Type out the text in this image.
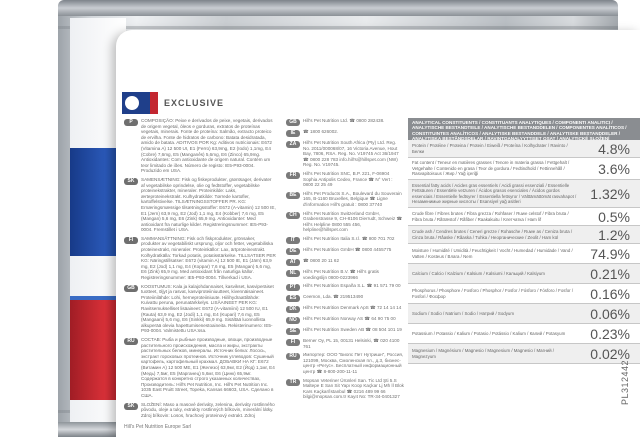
EXCLUSIVE
P	COMPOSIÇÃO: Peixe e derivados de peixe, vegetais, derivados de origem vegetal, óleos e gorduras, extratos de proteínas vegetais, minerais. Fonte de proteína: Salmão, extracto proteico de ervilha. Fonte de hidratos de carbono: Batata desidratada, amido de batata. ADITIVOS POR Kg: Aditivos nutricionais: E672 (Vitamina A) 12 500 UI, E1 (Ferro) 63,9mg, E2 (Iodo) 1,1mg, E4 (Cobre) 7,6mg, E5 (Manganês) 5,6mg, E6 (Zinco) 65,9mg. Antioxidantes: Com antioxidante de origem natural. Contém um teor limitado de iões. Número de registo: IE5-P93-0004. Produzido em USA.
SK	SAMENSÆTNING: Fisk og fiskeprodukter, grøntsager, derivater af vegetabilske oprindelse, olie og fedtstoffer, vegetabilske proteinekstrakter, mineraler. Proteinkilde: Laks, ærteproteinekstrakt. Kulhydratkilde: Tørrede kartofler, kartoffelstivelse. TILSÆTNINGSSTOFFER PR. KG: Ernæringsmæssige tilsætningsstoffer: E672 (A-vitamin) 12 500 IE, E1 (Jern) 63,9 mg, E2 (Jod) 1,1 mg, E4 (Kobber) 7,6 mg, E5 (Mangan) 5,6 mg, E6 (Zink) 65,9 mg. Antioxidanter: Med antioxidant fra naturlige kilder. Registreringsnummer: IE5-P93-0004. Fremstillet i USA.
FI	SAMMANSÄTTNING: Fisk och fiskprodukter, grönsaker, produkter av vegetabiliskt ursprung, oljor och fetter, vegetabiliska proteinextrakt, mineraler. Proteinkällor: Lax, ärtproteinextrakt. Kolhydratkälla: Torkad potatis, potatisstärkelse. TILLSATSER PER KG: Näringstillsatser: E672 (vitamin A) 12 500 IE, E1 (Järn) 63,9 mg, E2 (Jod) 1,1 mg, E4 (Koppar) 7,6 mg, E5 (Mangan) 5,6 mg, E6 (Zink) 65,9 mg. Med antioxidant från naturliga källor. Registreringsnummer: IE5-P93-0004. Tillverkad i USA.
GB	KOOSTUMUS: Kala ja kalajohdannaiset, kasvikset, kasviperäiset tuotteet, öljyt ja rasvat, kasviproteiiniuutteet, kivennäisaineet. Proteiinilähde: Lohi, herneproteiiniuute. Hiilihydraattilähde: Kuivattu peruna, perunatärkkelys. LISÄAINEET PER KG: Ravitsemukselliset lisäaineet: E672 (A-vitamiini) 12 500 IU, E1 (Rauta) 63,9 mg, E2 (Jodi) 1,1 mg, E4 (Kupari) 7,6 mg, E5 (Mangaani) 5,6 mg, E6 (Sinkki) 65,9 mg. Sisältää luonnollista alkuperää olevia hapettumisenestoaineita. Rekisterinumero: IE5-P93-0004. Valmistettu USA:ssa.
RU	СОСТАВ: Рыба и рыбные производные, овощи, производные растительного происхождения, масла и жиры, экстракты растительных белков, минералы. Источник белка: Лосось, экстракт гороховых протеинов. Источник углеводов: Сушеный картофель, картофельный крахмал. ДОБАВКИ НА КГ: E672 (Витамин А) 12 500 МЕ, E1 (Железо) 63,9мг, E2 (Йод) 1,1мг, E4 (Медь) 7,5мг, E5 (Марганец) 5,6мг, E6 (Цинк) 65,9мг. Содержатся в конкретно строго указанных количествах, Производитель: Hill's Pet Nutrition, Inc. Hill's Pet Nutrition Inc. 1035 East Pruitt Street, Topeka, Kansas 66603, USA. Сделано в США.
SK	SLOŽENÍ: Maso a masové deriváty, zelenina, deriváty rostlinného původu, oleje a tuky, extrakty rostlinných bílkovin, minerální látky. Zdroj bílkovin: Losos, hrachový proteinový extrakt. Zdroj
Hill's Pet Nutrition Europe Sarl
GB	Hill's Pet Nutrition Ltd. ☎ 0800 282438.
IE	☎ 1800 626002.
ZA	Hill's Pet Nutrition South Africa (Pty) Ltd. Reg. No. 2011/000068/07, 16 Victoria Avenue, Hout Bay, 7806, RSA. Reg. No. V19745 Act 36/1947 ☎ 0800 228 783 info.hill's@hillspet.com (NW) Reg. No. V19745.
FR	Hill's Pet Nutrition SNC, B.P. 221, F-06904 Sophia Antipolis Cedex, France ☎ N° Vert : 0800 22 25 49
BE	Hill's Pet Products S.A., Boulevard du Souverain 165, B-1160 Bruxelles, Belgique ☎ Ligne d'information Hill's gratuit : 0800 37740
CH	Hill's Pet Nutrition Switzerland GmbH, Grabenstrasse 9, CH-8106 Dierrudt, Schweiz ☎ Hill's Helpline 0800 555 456, helpline@hillspet.com
IT	Hill's Pet Nutrition Italia S.r.l. ☎ 800 701 702
DE	Hill's Pet Nutrition GmbH ☎ 0800 4455775
AT	☎ 0800 20 11 62
NL	Hill's Pet Nutrition B.V. ☎ Hill's gratis voedingslijn 0800-0223966
PT	Hill's Pet Nutrition España S.L. ☎ 91 571 79 00
ES	Ceemon, Lda. ☎ 219513490
DK	Hill's Pet Nutrition Denmark ApS ☎ 72 14 14 14
NO	Hill's Pet Nutrition Norway AS ☎ 64 90 75 00
SE	Hill's Pet Nutrition Sweden AB ☎ 08 504 101 19
FI	Berner Oy, PL 15, 00131 Helsinki, ☎ 020 4100 761
RU	Импортер: ООО "Биопс Пет Нутришн", Россия, 121099, Москва, Смоленская пл., д.3, бизнес-центр «Регус». Бесплатный информационный центр ☎ 8-800-200-11-11
TR	Mopsan Veteriner Ürünleri San. Tic Ltd Şti 5.S Maltepe E San Sit Yapı Koop Kaçkar Lj Mh İl Blok Kars Kaçkar/İstanbul ☎ 0216 489 99 66 bilgi@mopsan.com.tr Kayıt No: TR-34-0401327
ANALYTICAL CONSTITUENTS / CONSTITUANTS ANALYTIQUES / COMPONENTI ANALITICI / ANALYTISCHE BESTANDTEILE / ANALYTISCHE BESTANDDELEN / COMPONENTES ANALÍTICOS / CONSTITUINTES ANALÍTICOS / ANALYTISKE BESTANDDELE / ANALYTISKE BESTANDDELER / ANALYTISKA BESTÅNDSDELAR / RAVINTOANALYYTTISET OSAT / ANALYTICKÉ SLOŽENÍ
Protein / Protéine / Proteina / Protein / Eiweiß / Proteína / Kolhydrater / Ravinto / Белки	4.8%
Fat content / Teneur en matières grasses / Tenore in materia grassa / Fettgehalt / Vetgehalte / Contenido en grasa / Teor de gordura / Fedtindhold / Fettinnehåll / Rasvapitoisuus / Жир / Yağ içeriği	3.6%
Essential fatty acids / Acides gras essentiels / Acidi grassi essenziali / Essentielle Fettsäuren / Essentiële vetzuren / Ácidos grasos esenciales / Ácidos gordos essenciais / Essentielle fedtsyrer / Essentiella fettsyror / Välttämättömät rasvahapot / Незаменимые жирные кислоты / Esansiyel yağ asitleri	1.32%
Crude fibre / Fibres brutes / Fibra grezza / Rohfaser / Ruwe celstof / Fibra bruta / Fibra bruta / Råtræstof / Råfiber / Raakakuitu / Клетчатка / Ham lif	0.5%
Crude ash / Cendres brutes / Ceneri grezze / Rohasche / Ruwe as / Ceniza bruta / Cinza bruta / Råaske / Råaska / Tuhka / Неорганические / Zeolit / Ham kül	1.2%
Moisture / Humidité / Umidità / Feuchtigkeit / Vocht / Humedad / Humidade / Vand / Vatten / Kosteus / Влага / Nem	74.9%
Calcium / Calcio / Kalzium / Kalsium / Kalsiumi / Кальций / Kalsiyum	0.21%
Phosphorus / Phosphore / Fosforo / Phosphor / Fosfor / Fósforo / Fósforo / Fosfor / Fosfori / Фосфор	0.16%
Sodium / Sodio / Natrium / Sodio / Натрий / Sodyum	0.06%
Potassium / Potassio / Kalium / Potasio / Potássio / Kalium / Калий / Potasyum	0.23%
Magnesium / Magnésium / Magnesio / Magnesium / Magnesio / Магний / Magnezyum	0.02%
PL312442
